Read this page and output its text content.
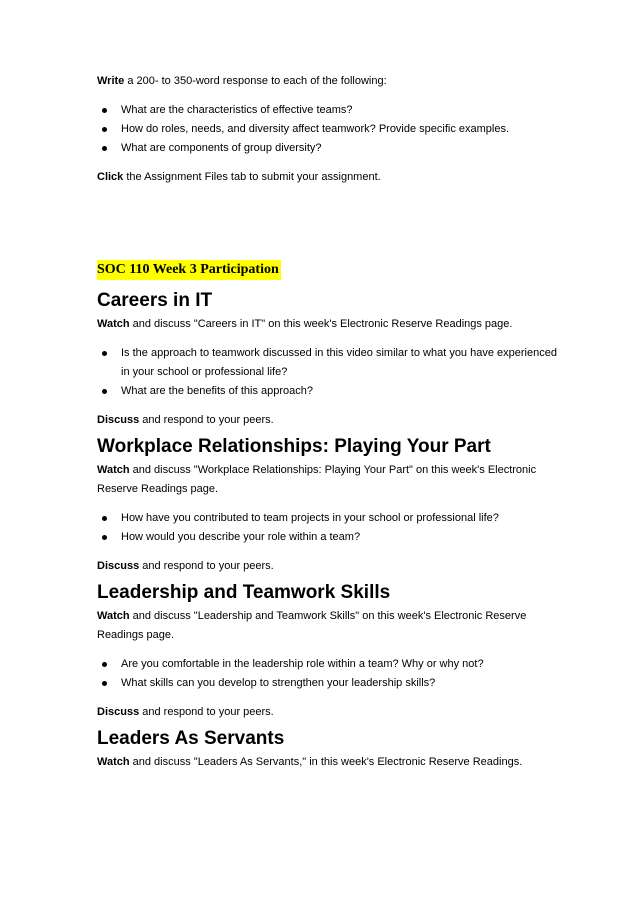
Write a 200- to 350-word response to each of the following:

What are the characteristics of effective teams?
How do roles, needs, and diversity affect teamwork? Provide specific examples.
What are components of group diversity?

Click the Assignment Files tab to submit your assignment.

SOC 110 Week 3 Participation
Careers in IT

Watch and discuss "Careers in IT" on this week's Electronic Reserve Readings page.

Is the approach to teamwork discussed in this video similar to what you have experienced in your school or professional life?
What are the benefits of this approach?

Discuss and respond to your peers.

Workplace Relationships: Playing Your Part

Watch and discuss "Workplace Relationships: Playing Your Part" on this week's Electronic Reserve Readings page.

How have you contributed to team projects in your school or professional life?
How would you describe your role within a team?

Discuss and respond to your peers.

Leadership and Teamwork Skills

Watch and discuss "Leadership and Teamwork Skills" on this week's Electronic Reserve Readings page.

Are you comfortable in the leadership role within a team? Why or why not?
What skills can you develop to strengthen your leadership skills?

Discuss and respond to your peers.

Leaders As Servants

Watch and discuss "Leaders As Servants," in this week's Electronic Reserve Readings.
